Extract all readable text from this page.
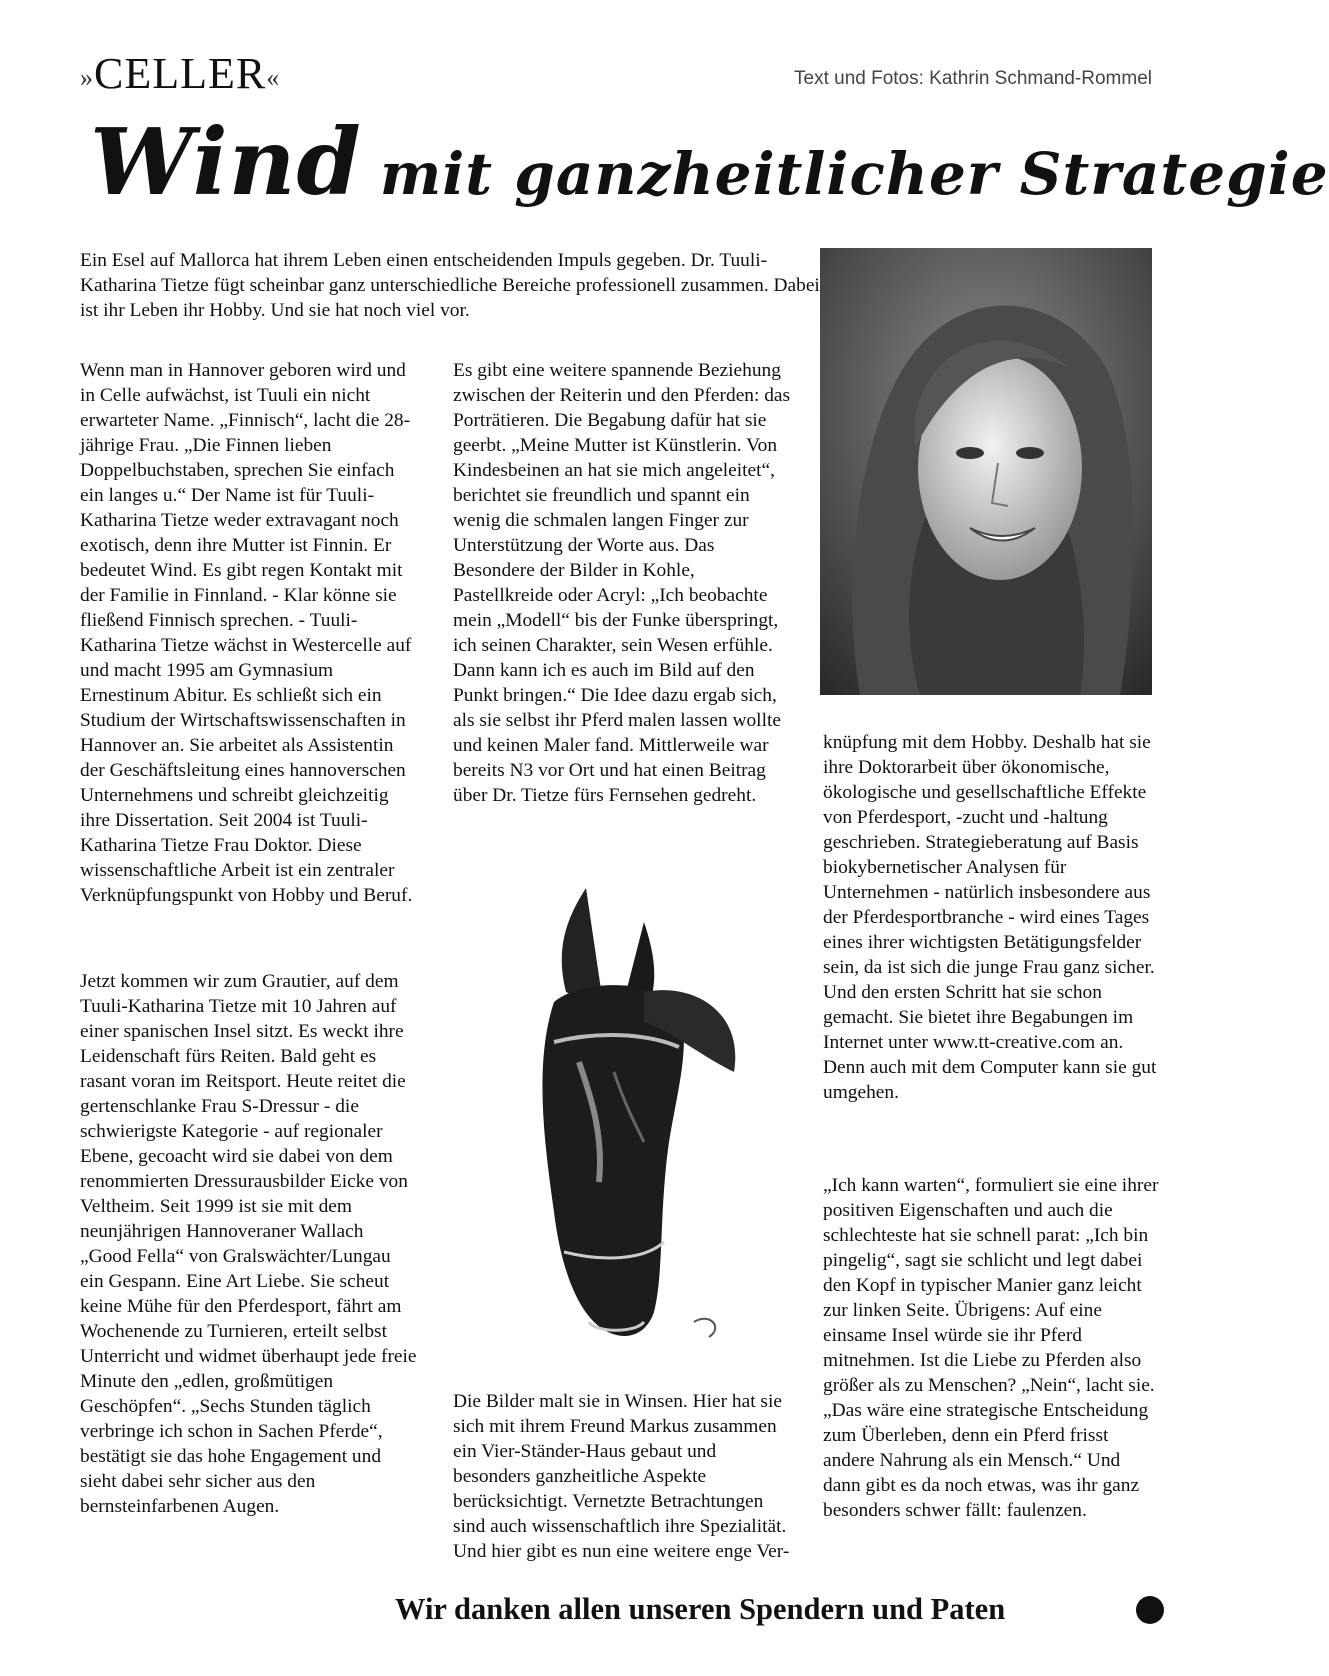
»CELLER«	Text und Fotos: Kathrin Schmand-Rommel
Wind mit ganzheitlicher Strategie
Ein Esel auf Mallorca hat ihrem Leben einen entscheidenden Impuls gegeben. Dr. Tuuli-Katharina Tietze fügt scheinbar ganz unterschiedliche Bereiche professionell zusammen. Dabei ist ihr Leben ihr Hobby. Und sie hat noch viel vor.
Wenn man in Hannover geboren wird und in Celle aufwächst, ist Tuuli ein nicht erwarteter Name. „Finnisch“, lacht die 28-jährige Frau. „Die Finnen lieben Doppelbuchstaben, sprechen Sie einfach ein langes u.“ Der Name ist für Tuuli-Katharina Tietze weder extravagant noch exotisch, denn ihre Mutter ist Finnin. Er bedeutet Wind. Es gibt regen Kontakt mit der Familie in Finnland. - Klar könne sie fließend Finnisch sprechen. - Tuuli-Katharina Tietze wächst in Westercelle auf und macht 1995 am Gymnasium Ernestinum Abitur. Es schließt sich ein Studium der Wirtschaftswissenschaften in Hannover an. Sie arbeitet als Assistentin der Geschäftsleitung eines hannoverschen Unternehmens und schreibt gleichzeitig ihre Dissertation. Seit 2004 ist Tuuli-Katharina Tietze Frau Doktor. Diese wissenschaftliche Arbeit ist ein zentraler Verknüpfungspunkt von Hobby und Beruf.
Jetzt kommen wir zum Grautier, auf dem Tuuli-Katharina Tietze mit 10 Jahren auf einer spanischen Insel sitzt. Es weckt ihre Leidenschaft fürs Reiten. Bald geht es rasant voran im Reitsport. Heute reitet die gertenschlanke Frau S-Dressur - die schwierigste Kategorie - auf regionaler Ebene, gecoacht wird sie dabei von dem renommierten Dressurausbilder Eicke von Veltheim. Seit 1999 ist sie mit dem neunjährigen Hannoveraner Wallach „Good Fella“ von Gralswächter/Lungau ein Gespann. Eine Art Liebe. Sie scheut keine Mühe für den Pferdesport, fährt am Wochenende zu Turnieren, erteilt selbst Unterricht und widmet überhaupt jede freie Minute den „edlen, großmütigen Geschöpfen“. „Sechs Stunden täglich verbringe ich schon in Sachen Pferde“, bestätigt sie das hohe Engagement und sieht dabei sehr sicher aus den bernsteinfarbenen Augen.
Es gibt eine weitere spannende Beziehung zwischen der Reiterin und den Pferden: das Porträtieren. Die Begabung dafür hat sie geerbt. „Meine Mutter ist Künstlerin. Von Kindesbeinen an hat sie mich angeleitet“, berichtet sie freundlich und spannt ein wenig die schmalen langen Finger zur Unterstützung der Worte aus. Das Besondere der Bilder in Kohle, Pastellkreide oder Acryl: „Ich beobachte mein „Modell“ bis der Funke überspringt, ich seinen Charakter, sein Wesen erfühle. Dann kann ich es auch im Bild auf den Punkt bringen.“ Die Idee dazu ergab sich, als sie selbst ihr Pferd malen lassen wollte und keinen Maler fand. Mittlerweile war bereits N3 vor Ort und hat einen Beitrag über Dr. Tietze fürs Fernsehen gedreht.
Die Bilder malt sie in Winsen. Hier hat sie sich mit ihrem Freund Markus zusammen ein Vier-Ständer-Haus gebaut und besonders ganzheitliche Aspekte berücksichtigt. Vernetzte Betrachtungen sind auch wissenschaftlich ihre Spezialität. Und hier gibt es nun eine weitere enge Ver-
knüpfung mit dem Hobby. Deshalb hat sie ihre Doktorarbeit über ökonomische, ökologische und gesellschaftliche Effekte von Pferdesport, -zucht und -haltung geschrieben. Strategieberatung auf Basis biokybernetischer Analysen für Unternehmen - natürlich insbesondere aus der Pferdesportbranche - wird eines Tages eines ihrer wichtigsten Betätigungsfelder sein, da ist sich die junge Frau ganz sicher. Und den ersten Schritt hat sie schon gemacht. Sie bietet ihre Begabungen im Internet unter www.tt-creative.com an. Denn auch mit dem Computer kann sie gut umgehen.
„Ich kann warten“, formuliert sie eine ihrer positiven Eigenschaften und auch die schlechteste hat sie schnell parat: „Ich bin pingelig“, sagt sie schlicht und legt dabei den Kopf in typischer Manier ganz leicht zur linken Seite. Übrigens: Auf eine einsame Insel würde sie ihr Pferd mitnehmen. Ist die Liebe zu Pferden also größer als zu Menschen? „Nein“, lacht sie. „Das wäre eine strategische Entscheidung zum Überleben, denn ein Pferd frisst andere Nahrung als ein Mensch.“ Und dann gibt es da noch etwas, was ihr ganz besonders schwer fällt: faulenzen.
Wir danken allen unseren Spendern und Paten
